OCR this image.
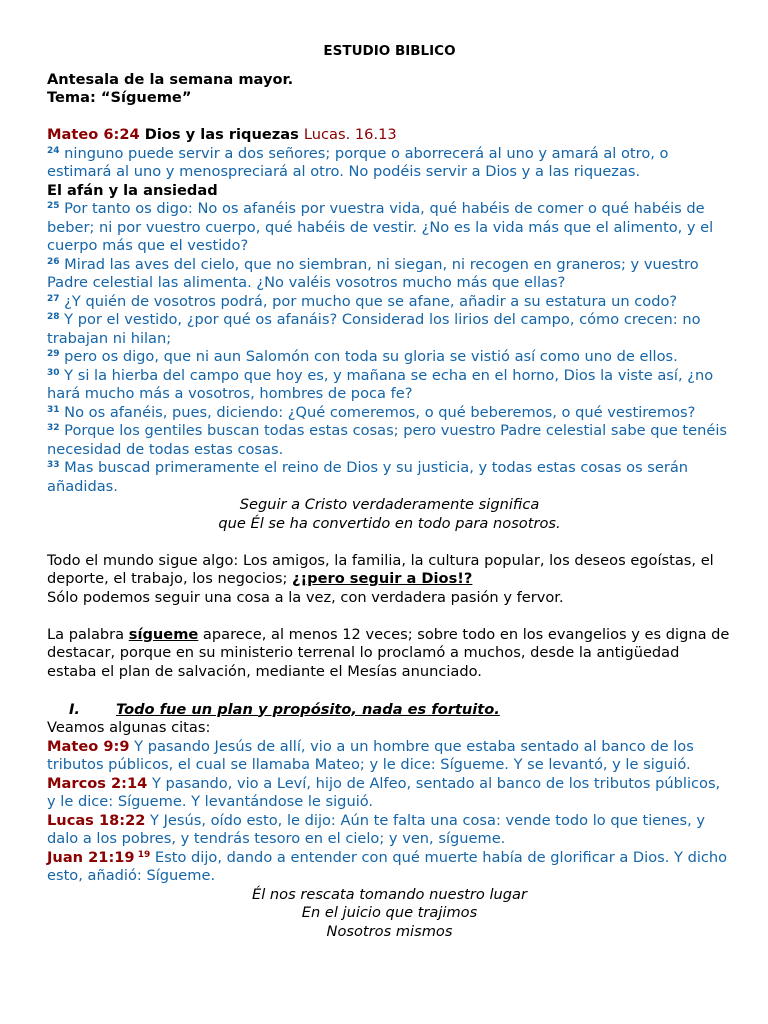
ESTUDIO BIBLICO

Antesala de la semana mayor.

Tema: “Sígueme”

Mateo 6:24 Dios y las riquezas Lucas. 16.13

$^{24}$ ninguno puede servir a dos señores; porque o aborrecerá al uno y amará al otro, o estimará al uno y menospreciará al otro. No podéis servir a Dios y a las riquezas.

El afán y la ansiedad

$^{25}$ Por tanto os digo: No os afanéis por vuestra vida, qué habéis de comer o qué habéis de beber; ni por vuestro cuerpo, qué habéis de vestir. ¿No es la vida más que el alimento, y el cuerpo más que el vestido?

$^{26}$ Mirad las aves del cielo, que no siembran, ni siegan, ni recogen en graneros; y vuestro Padre celestial las alimenta. ¿No valéis vosotros mucho más que ellas?

$^{27}$ ¿Y quién de vosotros podrá, por mucho que se afane, añadir a su estatura un codo?

$^{28}$ Y por el vestido, ¿por qué os afanáis? Considerad los lirios del campo, cómo crecen: no trabajan ni hilan;

$^{29}$ pero os digo, que ni aun Salomón con toda su gloria se vistió así como uno de ellos.

$^{30}$ Y si la hierba del campo que hoy es, y mañana se echa en el horno, Dios la viste así, ¿no hará mucho más a vosotros, hombres de poca fe?

$^{31}$ No os afanéis, pues, diciendo: ¿Qué comeremos, o qué beberemos, o qué vestiremos?

$^{32}$ Porque los gentiles buscan todas estas cosas; pero vuestro Padre celestial sabe que tenéis necesidad de todas estas cosas.

$^{33}$ Mas buscad primeramente el reino de Dios y su justicia, y todas estas cosas os serán añadidas.

Seguir a Cristo verdaderamente significa

que Él se ha convertido en todo para nosotros.

Todo el mundo sigue algo: Los amigos, la familia, la cultura popular, los deseos egoístas, el deporte, el trabajo, los negocios; ¿¡pero seguir a Dios!?

Sólo podemos seguir una cosa a la vez, con verdadera pasión y fervor.

La palabra sígueme aparece, al menos 12 veces; sobre todo en los evangelios y es digna de destacar, porque en su ministerio terrenal lo proclamó a muchos, desde la antigüedad estaba el plan de salvación, mediante el Mesías anunciado.

I.	Todo fue un plan y propósito, nada es fortuito.

Veamos algunas citas:

Mateo 9:9 Y pasando Jesús de allí, vio a un hombre que estaba sentado al banco de los tributos públicos, el cual se llamaba Mateo; y le dice: Sígueme. Y se levantó, y le siguió.

Marcos 2:14 Y pasando, vio a Leví, hijo de Alfeo, sentado al banco de los tributos públicos, y le dice: Sígueme. Y levantándose le siguió.

Lucas 18:22 Y Jesús, oído esto, le dijo: Aún te falta una cosa: vende todo lo que tienes, y dalo a los pobres, y tendrás tesoro en el cielo; y ven, sígueme.

Juan 21:19 $^{19}$ Esto dijo, dando a entender con qué muerte había de glorificar a Dios. Y dicho esto, añadió: Sígueme.

Él nos rescata tomando nuestro lugar

En el juicio que trajimos

Nosotros mismos
